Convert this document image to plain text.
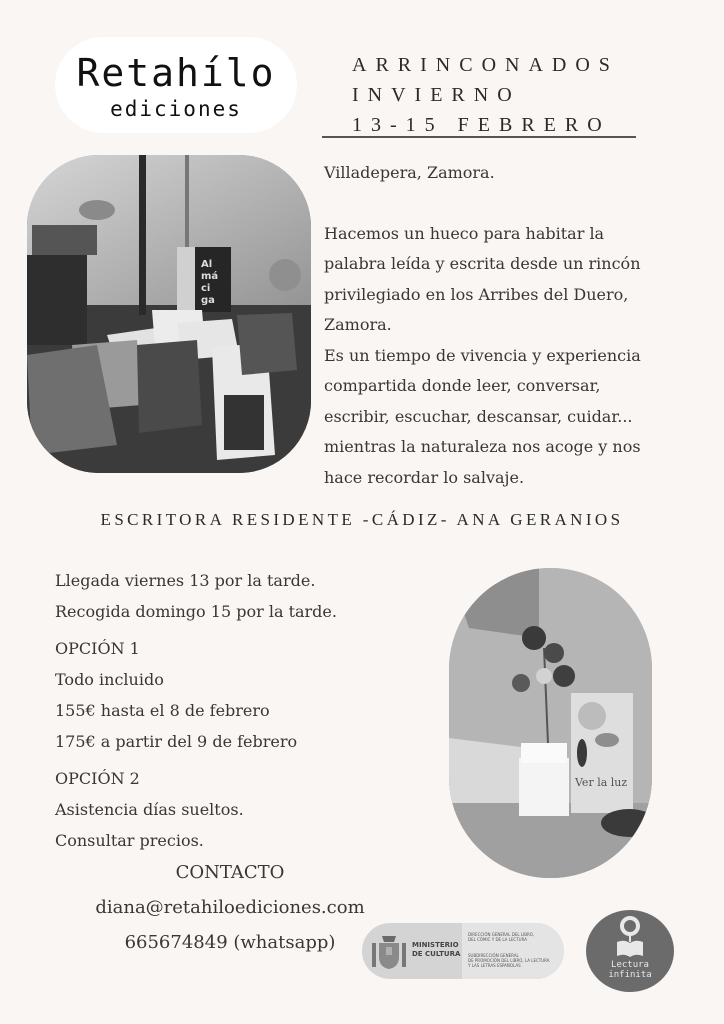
Retahílo
ediciones
ARRINCONADOS
INVIERNO
13-15 FEBRERO
Al
má
ci
ga

Villadepera, Zamora.

Hacemos un hueco para habitar la

palabra leída y escrita desde un rincón

privilegiado en los Arribes del Duero,

Zamora.

Es un tiempo de vivencia y experiencia

compartida donde leer, conversar,

escribir, escuchar, descansar, cuidar...

mientras la naturaleza nos acoge y nos

hace recordar lo salvaje.

ESCRITORA RESIDENTE -CÁDIZ- ANA GERANIOS

Llegada viernes 13 por la tarde.

Recogida domingo 15 por la tarde.

OPCIÓN 1

Todo incluido

155€ hasta el 8 de febrero

175€ a partir del 9 de febrero

OPCIÓN 2

Asistencia días sueltos.

Consultar precios.

Ver la luz
CONTACTO
diana@retahiloediciones.com
665674849 (whatsapp)	MINISTERIO
DE CULTURA
DIRECCIÓN GENERAL DEL LIBRO,
DEL CÓMIC Y DE LA LECTURA
SUBDIRECCIÓN GENERAL
DE PROMOCIÓN DEL LIBRO, LA LECTURA
Y LAS LETRAS ESPAÑOLAS	Lectura
infinita
